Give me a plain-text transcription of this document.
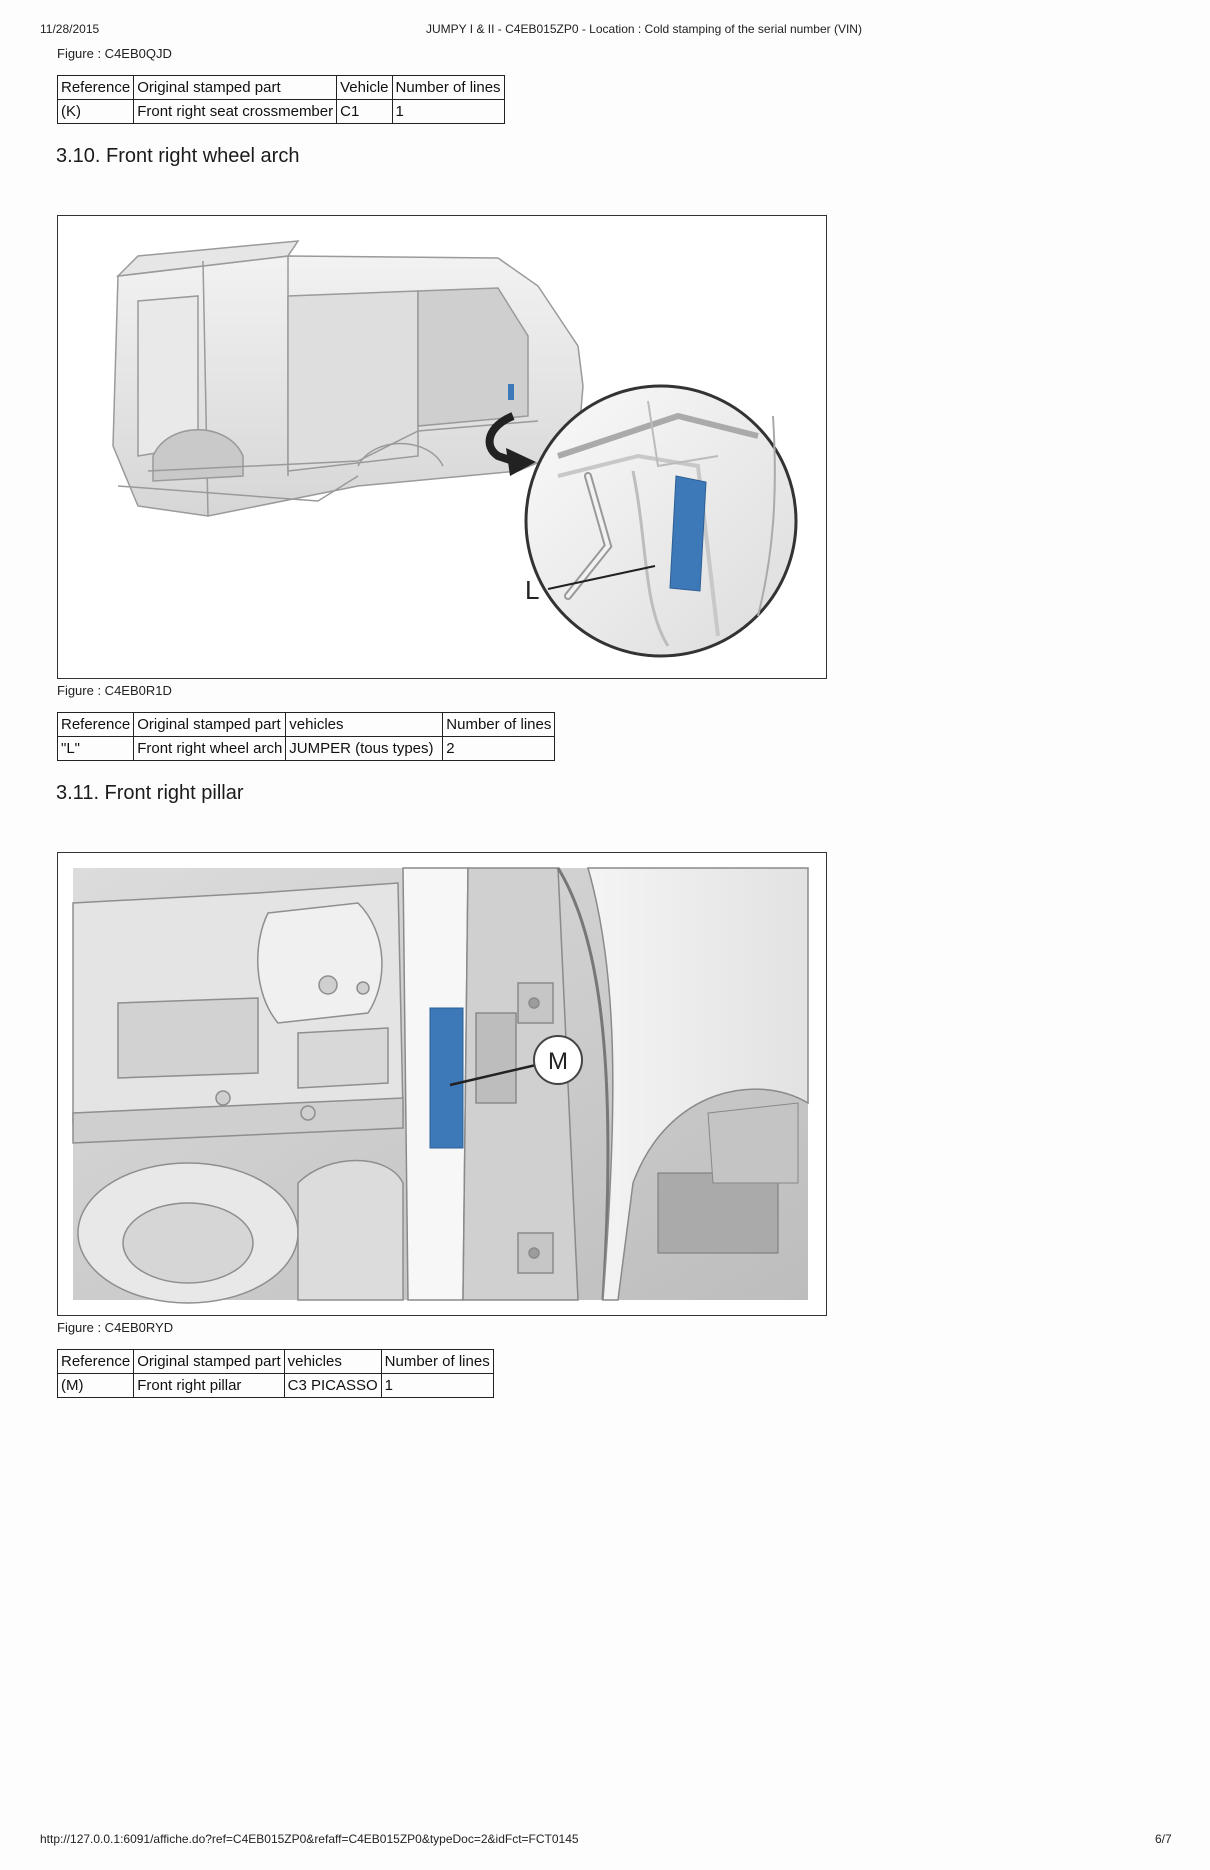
11/28/2015	JUMPY I & II - C4EB015ZP0 - Location : Cold stamping of the serial number (VIN)
Figure : C4EB0QJD
Reference	Original stamped part	Vehicle	Number of lines
(K)	Front right seat crossmember	C1	1
3.10. Front right wheel arch
L
Figure : C4EB0R1D
Reference	Original stamped part	vehicles	Number of lines
"L"	Front right wheel arch	JUMPER (tous types)	2
3.11. Front right pillar
M
Figure : C4EB0RYD
Reference	Original stamped part	vehicles	Number of lines
(M)	Front right pillar	C3 PICASSO	1
http://127.0.0.1:6091/affiche.do?ref=C4EB015ZP0&refaff=C4EB015ZP0&typeDoc=2&idFct=FCT0145	6/7
